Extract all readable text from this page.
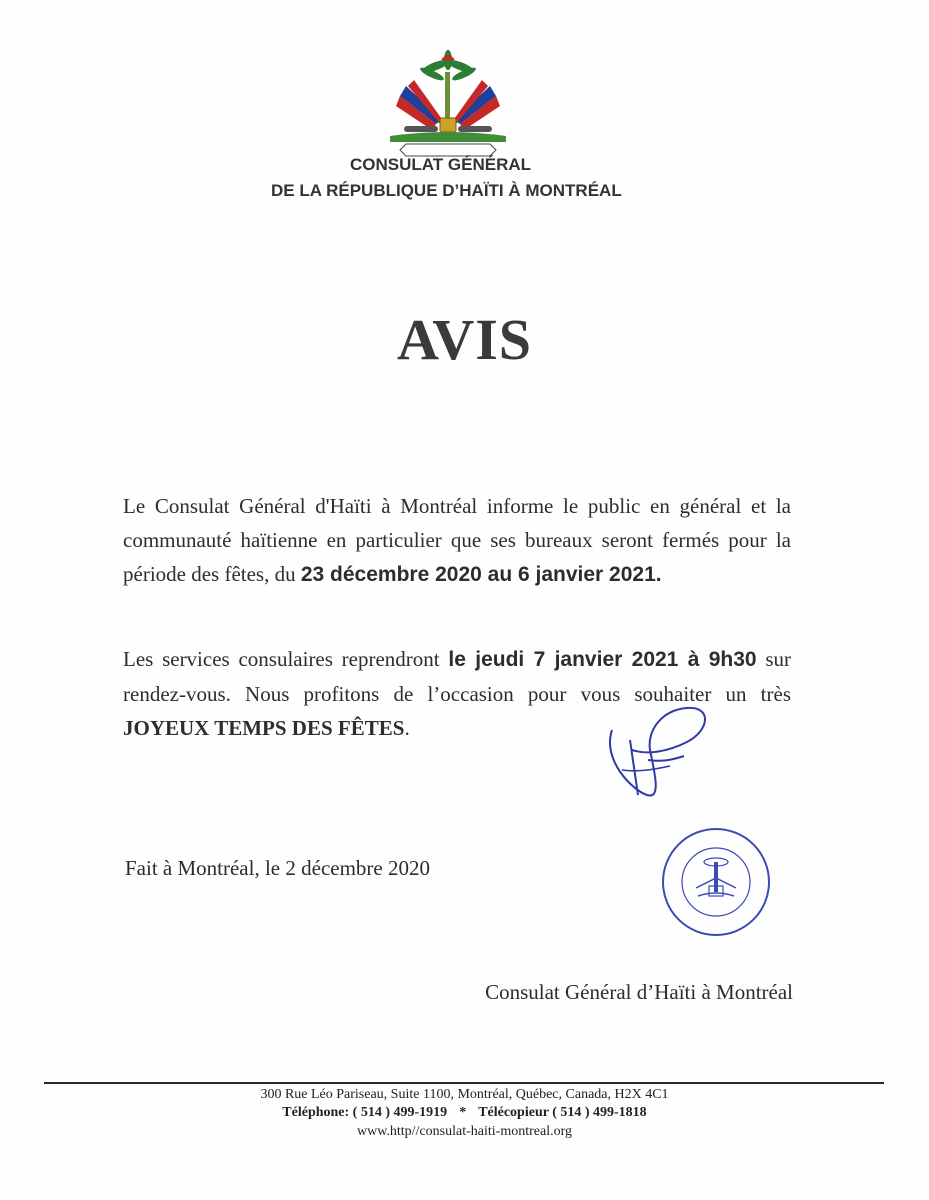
CONSULAT GÉNÉRAL
DE LA RÉPUBLIQUE D’HAÏTI À MONTRÉAL
AVIS
Le Consulat Général d'Haïti à Montréal informe le public en général et la communauté haïtienne en particulier que ses bureaux seront fermés pour la période des fêtes, du 23 décembre 2020 au 6 janvier 2021.
Les services consulaires reprendront le jeudi 7 janvier 2021 à 9h30 sur rendez-vous. Nous profitons de l’occasion pour vous souhaiter un très JOYEUX TEMPS DES FÊTES.
Fait à Montréal, le 2 décembre 2020
Consulat Général d’Haïti à Montréal
300 Rue Léo Pariseau, Suite 1100, Montréal, Québec, Canada, H2X 4C1
Téléphone: ( 514 ) 499-1919 * Télécopieur ( 514 ) 499-1818
www.http//consulat-haiti-montreal.org
